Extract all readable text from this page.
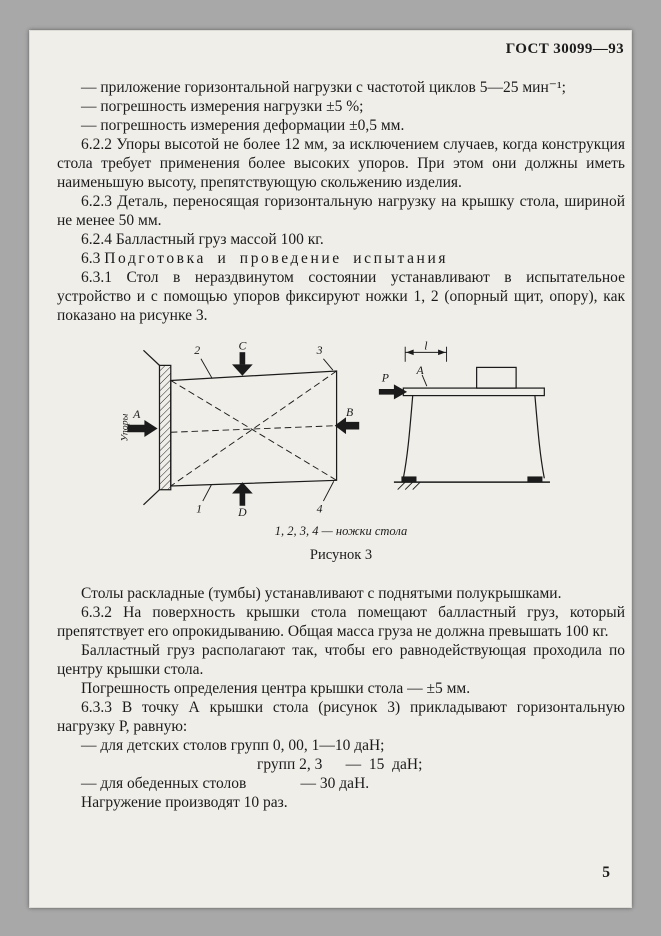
ГОСТ 30099—93

— приложение горизонтальной нагрузки с частотой циклов 5—25 мин⁻¹;

— погрешность измерения нагрузки ±5 %;

— погрешность измерения деформации ±0,5 мм.

6.2.2 Упоры высотой не более 12 мм, за исключением случаев, когда конструкция стола требует применения более высоких упоров. При этом они должны иметь наименьшую высоту, препятствующую скольжению изделия.

6.2.3 Деталь, переносящая горизонтальную нагрузку на крышку стола, шириной не менее 50 мм.

6.2.4 Балластный груз массой 100 кг.

6.3 Подготовка и проведение испытания

6.3.1 Стол в нераздвинутом состоянии устанавливают в испытательное устройство и с помощью упоров фиксируют ножки 1, 2 (опорный щит, опору), как показано на рисунке 3.

Упоры A	B
C
D
2	3
1	4
l
A
P
1, 2, 3, 4 — ножки стола
Рисунок 3

Столы раскладные (тумбы) устанавливают с поднятыми полукрышками.

6.3.2 На поверхность крышки стола помещают балластный груз, который препятствует его опрокидыванию. Общая масса груза не должна превышать 100 кг.

Балластный груз располагают так, чтобы его равнодействующая проходила по центру крышки стола.

Погрешность определения центра крышки стола — ±5 мм.

6.3.3 В точку А крышки стола (рисунок 3) прикладывают горизонтальную нагрузку Р, равную:

— для детских столов групп 0, 00, 1—10 даН;

групп 2, 3      —  15  даН;

— для обеденных столов              — 30 даН.

Нагружение производят 10 раз.

5
